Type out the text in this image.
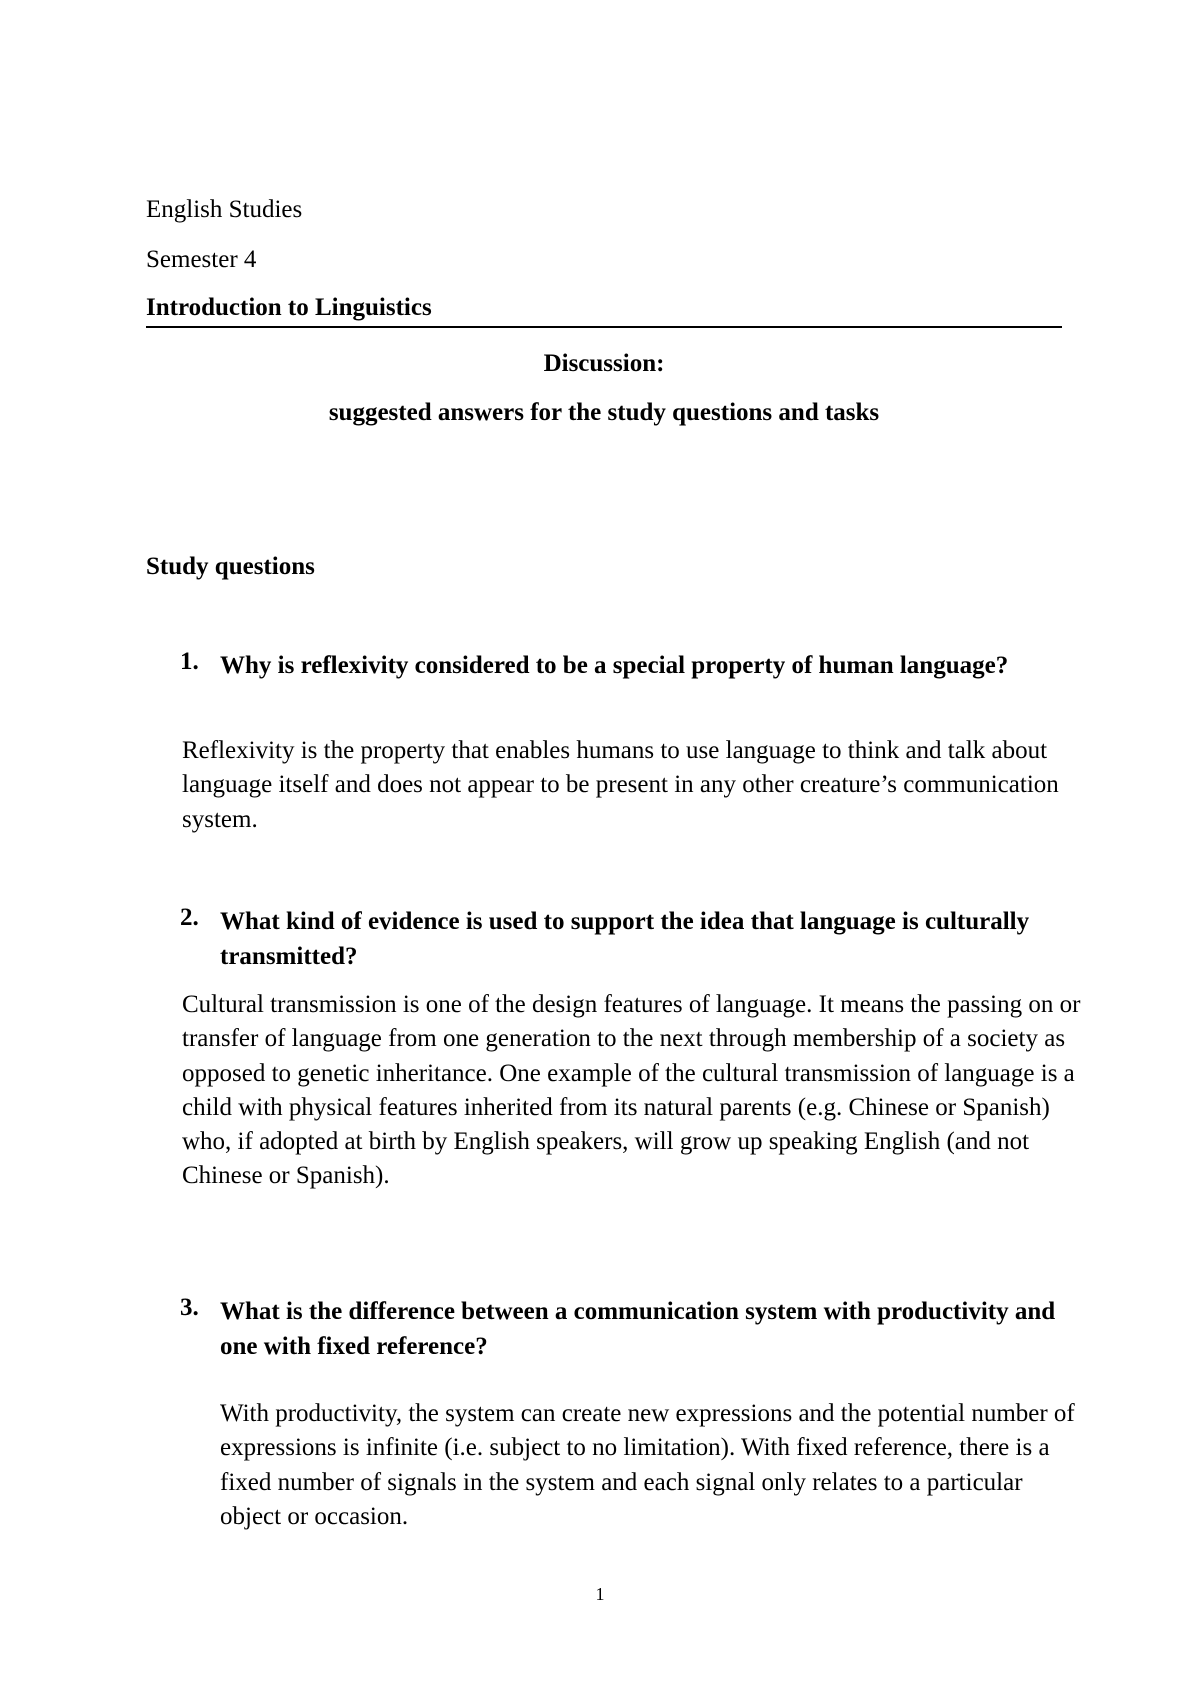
English Studies

Semester 4

Introduction to Linguistics

Discussion:

suggested answers for the study questions and tasks

Study questions

1. Why is reflexivity considered to be a special property of human language?

Reflexivity is the property that enables humans to use language to think and talk about language itself and does not appear to be present in any other creature’s communication system.

2. What kind of evidence is used to support the idea that language is culturally transmitted?

Cultural transmission is one of the design features of language. It means the passing on or transfer of language from one generation to the next through membership of a society as opposed to genetic inheritance. One example of the cultural transmission of language is a child with physical features inherited from its natural parents (e.g. Chinese or Spanish) who, if adopted at birth by English speakers, will grow up speaking English (and not Chinese or Spanish).

3. What is the difference between a communication system with productivity and one with fixed reference?

With productivity, the system can create new expressions and the potential number of expressions is infinite (i.e. subject to no limitation). With fixed reference, there is a fixed number of signals in the system and each signal only relates to a particular object or occasion.

1
